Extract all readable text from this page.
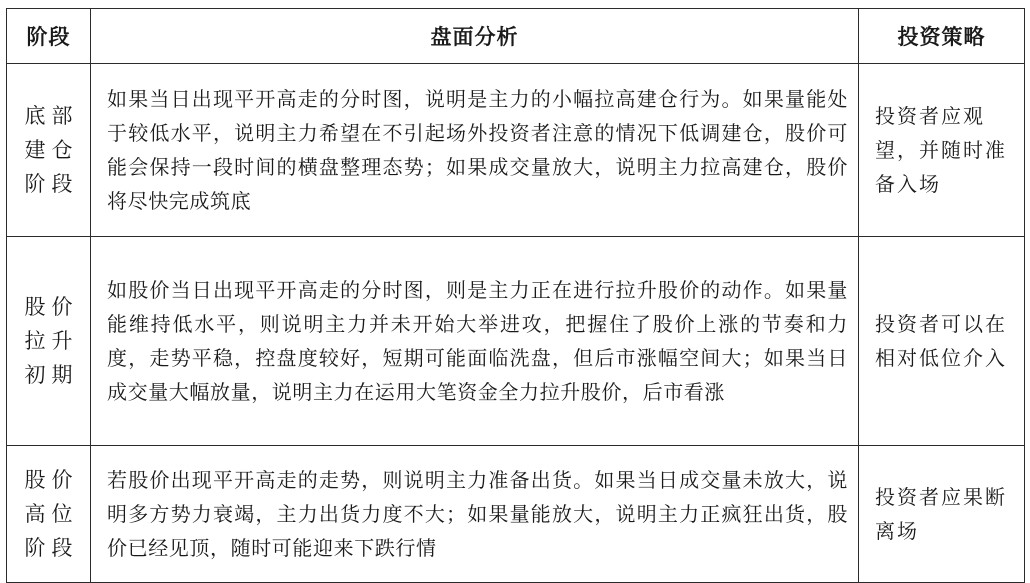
阶段	盘面分析	投资策略

底部
建仓
阶段	如果当日出现平开高走的分时图，说明是主力的小幅拉高建仓行为。如果量能处于较低水平，说明主力希望在不引起场外投资者注意的情况下低调建仓，股价可能会保持一段时间的横盘整理态势；如果成交量放大，说明主力拉高建仓，股价将尽快完成筑底	投资者应观望，并随时准备入场

股价
拉升
初期	如股价当日出现平开高走的分时图，则是主力正在进行拉升股价的动作。如果量能维持低水平，则说明主力并未开始大举进攻，把握住了股价上涨的节奏和力度，走势平稳，控盘度较好，短期可能面临洗盘，但后市涨幅空间大；如果当日成交量大幅放量，说明主力在运用大笔资金全力拉升股价，后市看涨	投资者可以在相对低位介入

股价
高位
阶段	若股价出现平开高走的走势，则说明主力准备出货。如果当日成交量未放大，说明多方势力衰竭，主力出货力度不大；如果量能放大，说明主力正疯狂出货，股价已经见顶，随时可能迎来下跌行情	投资者应果断离场
